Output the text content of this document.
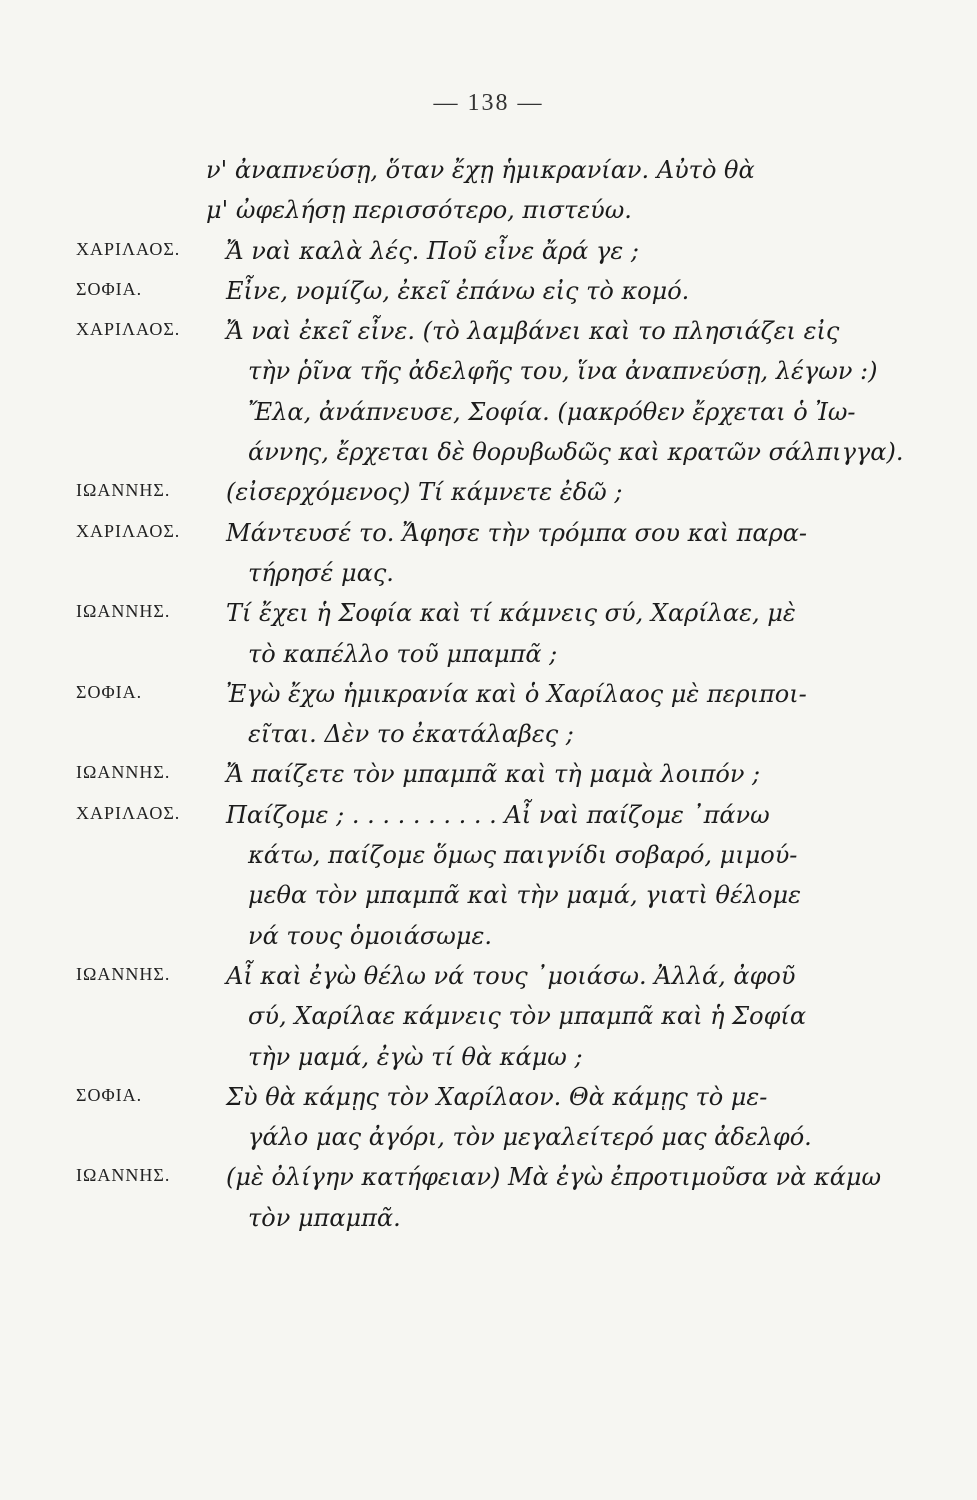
— 138 —
ν' ἀναπνεύσῃ, ὅταν ἔχῃ ἡμικρανίαν. Αὐτὸ θὰ
μ' ὠφελήσῃ περισσότερο, πιστεύω.
ΧΑΡΙΛΑΟΣ.	Ἄ ναὶ καλὰ λές. Ποῦ εἶνε ἄρά γε ;
ΣΟΦΙΑ.	Εἶνε, νομίζω, ἐκεῖ ἐπάνω εἰς τὸ κομό.
ΧΑΡΙΛΑΟΣ.	Ἄ ναὶ ἐκεῖ εἶνε. (τὸ λαμβάνει καὶ το πλησιάζει εἰς
τὴν ῥῖνα τῆς ἀδελφῆς του, ἵνα ἀναπνεύσῃ, λέγων :)
Ἔλα, ἀνάπνευσε, Σοφία. (μακρόθεν ἔρχεται ὁ Ἰω-
άννης, ἔρχεται δὲ θορυβωδῶς καὶ κρατῶν σάλπιγγα).
ΙΩΑΝΝΗΣ.	(εἰσερχόμενος) Τί κάμνετε ἐδῶ ;
ΧΑΡΙΛΑΟΣ.	Μάντευσέ το. Ἄφησε τὴν τρόμπα σου καὶ παρα-
τήρησέ μας.
ΙΩΑΝΝΗΣ.	Τί ἔχει ἡ Σοφία καὶ τί κάμνεις σύ, Χαρίλαε, μὲ
τὸ καπέλλο τοῦ μπαμπᾶ ;
ΣΟΦΙΑ.	Ἐγὼ ἔχω ἡμικρανία καὶ ὁ Χαρίλαος μὲ περιποι-
εῖται. Δὲν το ἐκατάλαβες ;
ΙΩΑΝΝΗΣ.	Ἄ παίζετε τὸν μπαμπᾶ καὶ τὴ μαμὰ λοιπόν ;
ΧΑΡΙΛΑΟΣ.	Παίζομε ; . . . . . . . . . . Αἶ ναὶ παίζομε ᾿πάνω
κάτω, παίζομε ὅμως παιγνίδι σοβαρό, μιμού-
μεθα τὸν μπαμπᾶ καὶ τὴν μαμά, γιατὶ θέλομε
νά τους ὁμοιάσωμε.
ΙΩΑΝΝΗΣ.	Αἶ καὶ ἐγὼ θέλω νά τους ᾿μοιάσω. Ἀλλά, ἀφοῦ
σύ, Χαρίλαε κάμνεις τὸν μπαμπᾶ καὶ ἡ Σοφία
τὴν μαμά, ἐγὼ τί θὰ κάμω ;
ΣΟΦΙΑ.	Σὺ θὰ κάμῃς τὸν Χαρίλαον. Θὰ κάμῃς τὸ με-
γάλο μας ἀγόρι, τὸν μεγαλείτερό μας ἀδελφό.
ΙΩΑΝΝΗΣ.	(μὲ ὀλίγην κατήφειαν) Μὰ ἐγὼ ἐπροτιμοῦσα νὰ κάμω
τὸν μπαμπᾶ.
